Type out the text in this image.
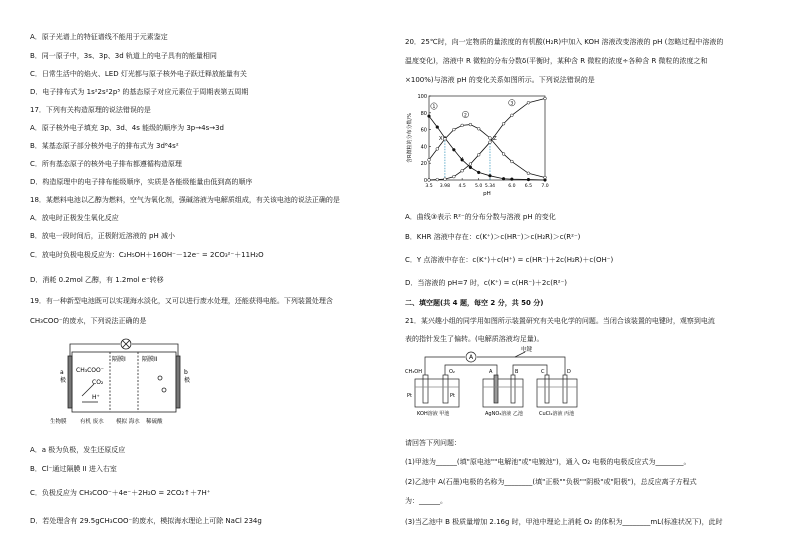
A．原子光谱上的特征谱线不能用于元素鉴定
B．同一原子中，3s、3p、3d 轨道上的电子具有的能量相同
C．日常生活中的焰火、LED 灯光都与原子核外电子跃迁释放能量有关
D．电子排布式为 1s²2s²2p⁵ 的基态原子对应元素位于周期表第五周期
17．下列有关构造原理的说法错误的是
A．原子核外电子填充 3p、3d、4s 能级的顺序为 3p→4s→3d
B．某基态原子部分核外电子的排布式为 3d⁶4s²
C．所有基态原子的核外电子排布都遵循构造原理
D．构造原理中的电子排布能级顺序，实质是各能级能量由低到高的顺序
18．某燃料电池以乙醇为燃料，空气为氧化剂，强碱溶液为电解质组成，有关该电池的说法正确的是
A．放电时正极发生氧化反应
B．放电一段时间后，正极附近溶液的 pH 减小
C．放电时负极电极反应为：C₂H₅OH＋16OH⁻－12e⁻ = 2CO₃²⁻＋11H₂O
D．消耗 0.2mol 乙醇，有 1.2mol e⁻转移
19．有一种新型电池既可以实现海水淡化，又可以进行废水处理，还能获得电能。下列装置处理含
CH₃COO⁻的废水，下列说法正确的是
隔膜I	隔膜II
a
极
b
极
CH₃COO⁻
CO₂
H⁺
生物膜 有机 废水 模拟 海水 稀硫酸
A．a 极为负极，发生还原反应
B．Cl⁻通过隔膜 II 进入右室
C．负极反应为 CH₃COO⁻＋4e⁻＋2H₂O = 2CO₂↑＋7H⁺
D．若处理含有 29.5gCH₃COO⁻的废水，模拟海水理论上可除 NaCl 234g
20．25℃时，向一定物质的量浓度的有机酸(H₂R)中加入 KOH 溶液改变溶液的 pH (忽略过程中溶液的
温度变化)，溶液中 R 微粒的分布分数δ(平衡时，某种含 R 微粒的浓度÷各种含 R 微粒的浓度之和
×100%)与溶液 pH 的变化关系如图所示。下列说法错误的是
0
20
40
60
80
100
3.5 3.98 4.5 5.0 5.34	6.0 6.5 7.0
pH
含R微粒的分布分数/%
1
2
3
X
Y
Z
A．曲线③表示 R²⁻的分布分数与溶液 pH 的变化
B．KHR 溶液中存在：c(K⁺)＞c(HR⁻)＞c(H₂R)＞c(R²⁻)
C．Y 点溶液中存在：c(K⁺)＋c(H⁺) = c(HR⁻)＋2c(H₂R)＋c(OH⁻)
D．当溶液的 pH=7 时，c(K⁺) = c(HR⁻)＋2c(R²⁻)
二、填空题(共 4 题，每空 2 分，共 50 分)
21．某兴趣小组的同学用如图所示装置研究有关电化学的问题。当闭合该装置的电键时，观察到电流
表的指针发生了偏转。(电解质溶液均足量)。
A
电键
CH₃OH	O₂	A	B	C	D
Pt	Pt
KOH溶液 甲池	AgNO₃溶液 乙池	CuCl₂溶液 丙池
请回答下列问题：
(1)甲池为______(填"原电池""电解池"或"电镀池")，通入 O₂ 电极的电极反应式为________。
(2)乙池中 A(石墨)电极的名称为________(填"正极""负极""阴极"或"阳极")，总反应离子方程式
为：______。
(3)当乙池中 B 极质量增加 2.16g 时，甲池中理论上消耗 O₂ 的体积为________mL(标准状况下)，此时
